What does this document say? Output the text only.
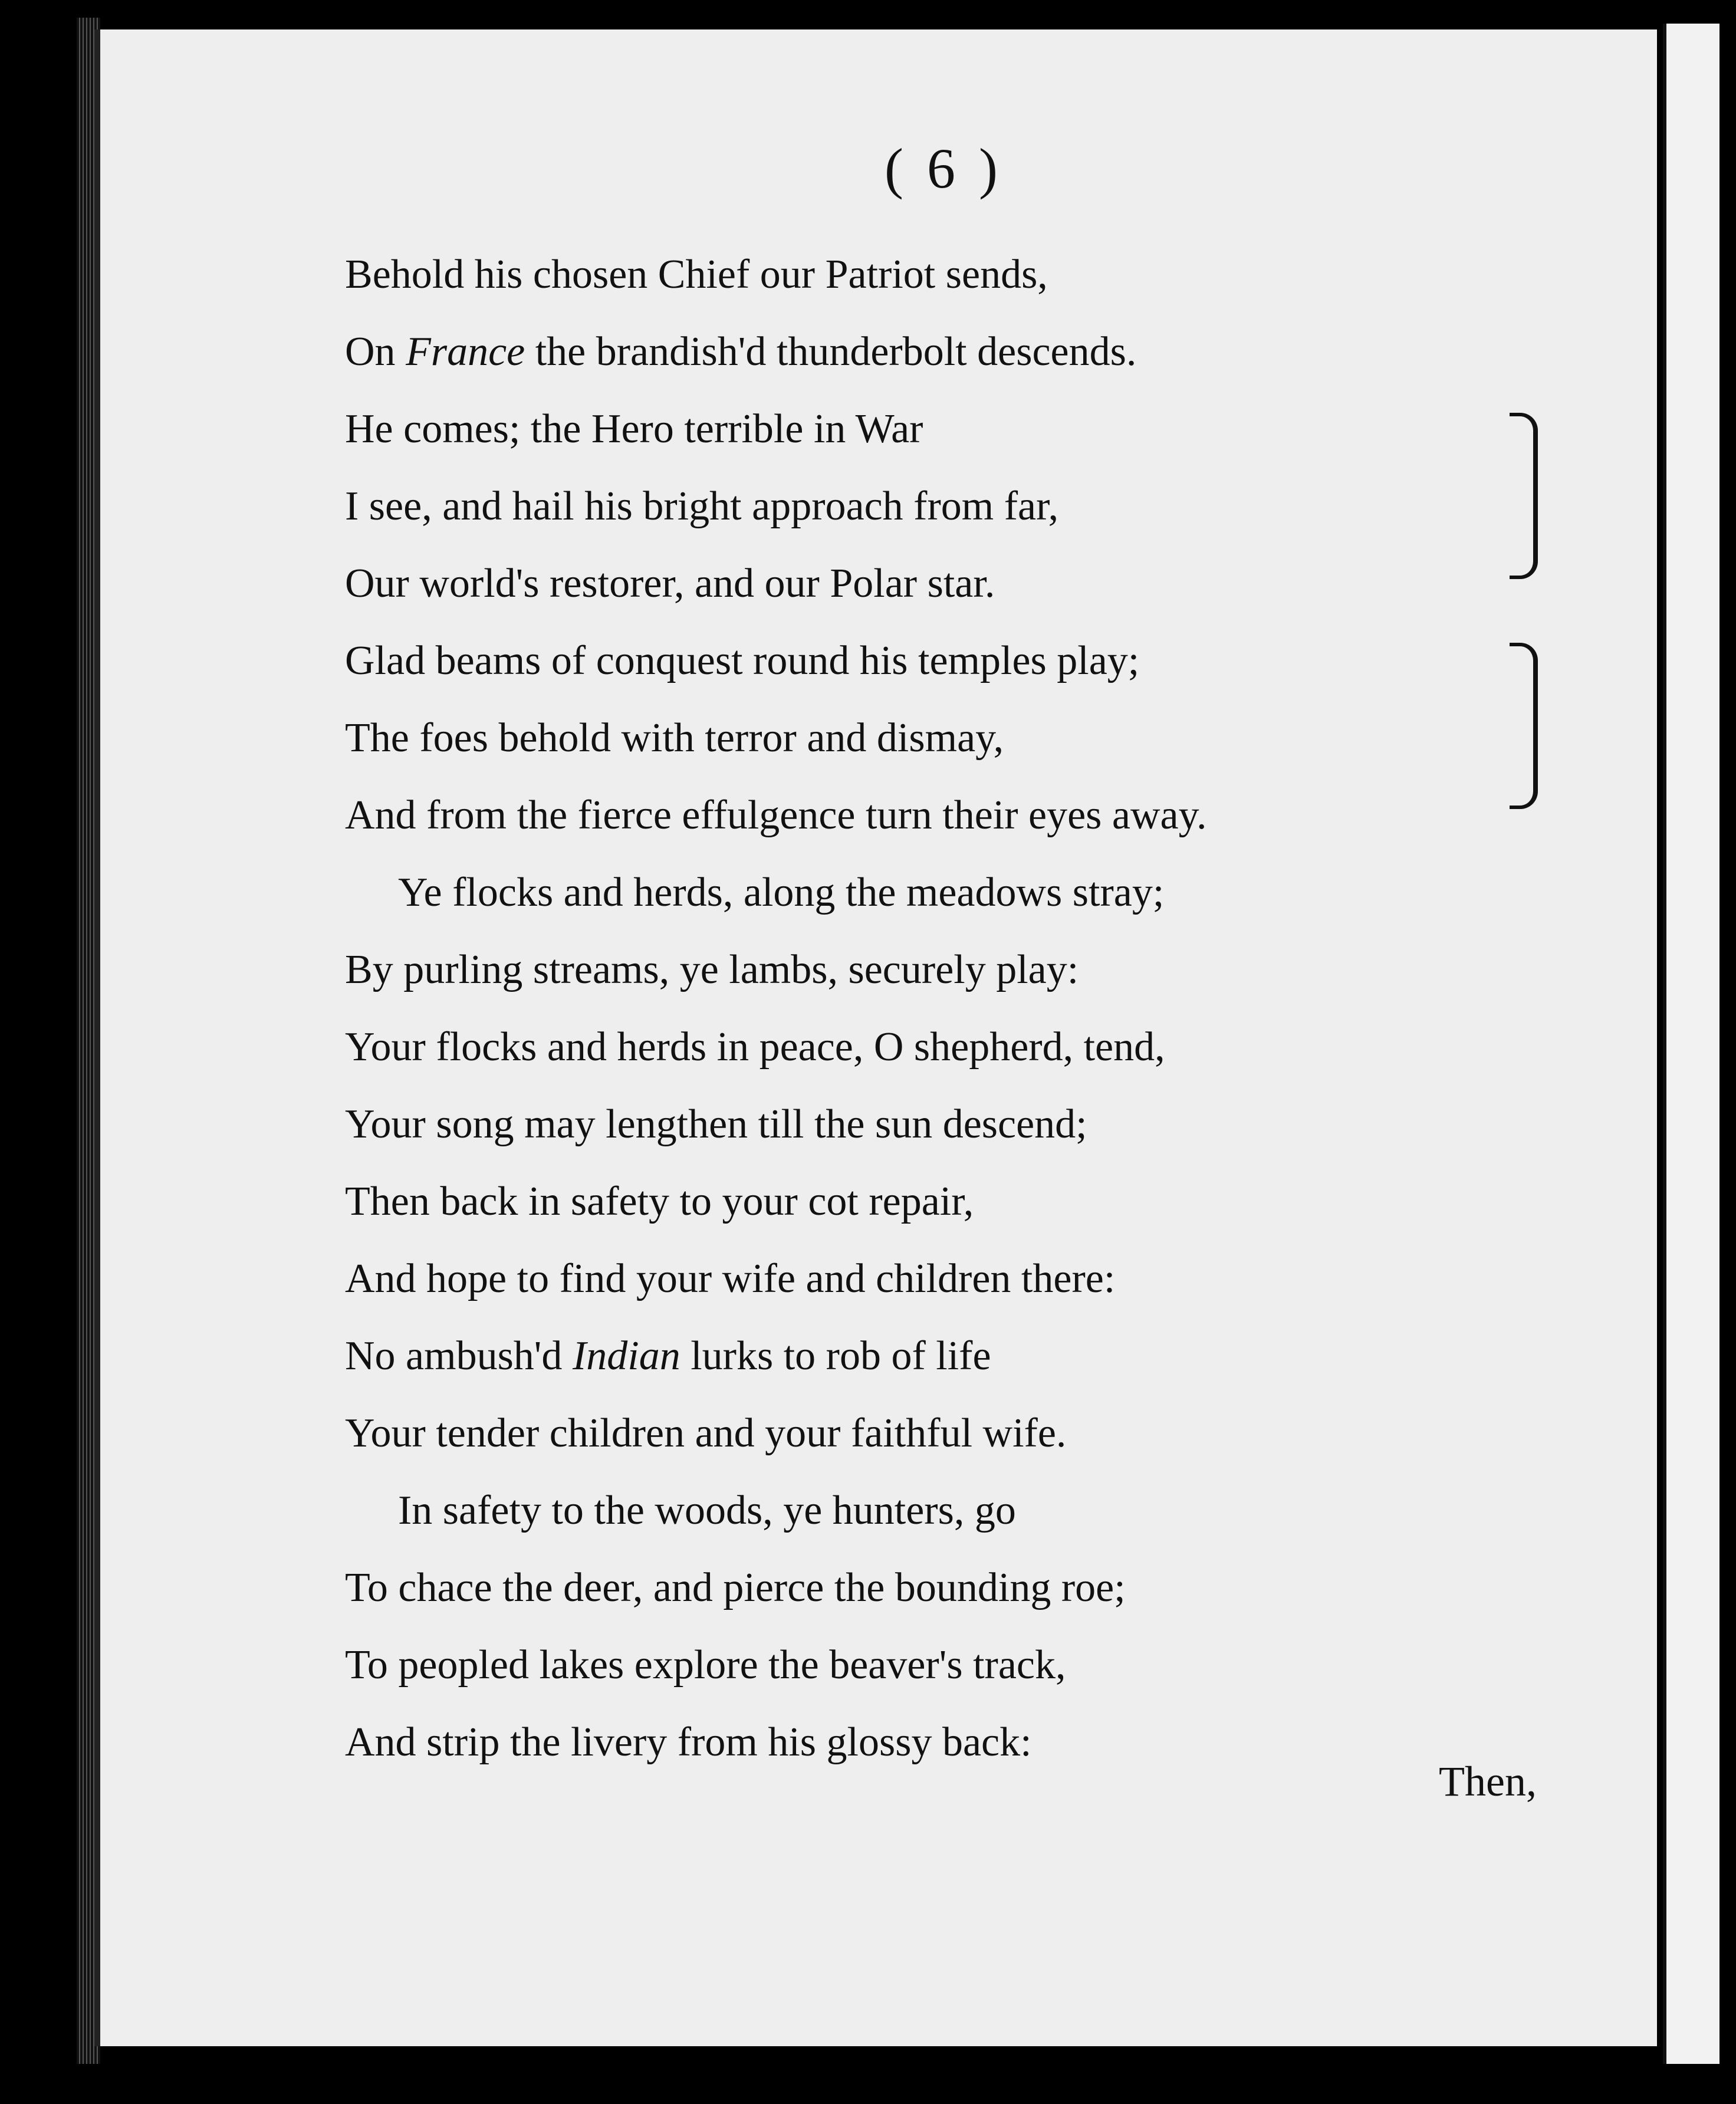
( 6 )
Behold his chosen Chief our Patriot sends,
On France the brandish'd thunderbolt descends.
He comes; the Hero terrible in War
I see, and hail his bright approach from far,
Our world's restorer, and our Polar star.
Glad beams of conquest round his temples play;
The foes behold with terror and dismay,
And from the fierce effulgence turn their eyes away.
Ye flocks and herds, along the meadows stray;
By purling streams, ye lambs, securely play:
Your flocks and herds in peace, O shepherd, tend,
Your song may lengthen till the sun descend;
Then back in safety to your cot repair,
And hope to find your wife and children there:
No ambush'd Indian lurks to rob of life
Your tender children and your faithful wife.
In safety to the woods, ye hunters, go
To chace the deer, and pierce the bounding roe;
To peopled lakes explore the beaver's track,
And strip the livery from his glossy back:
Then,
